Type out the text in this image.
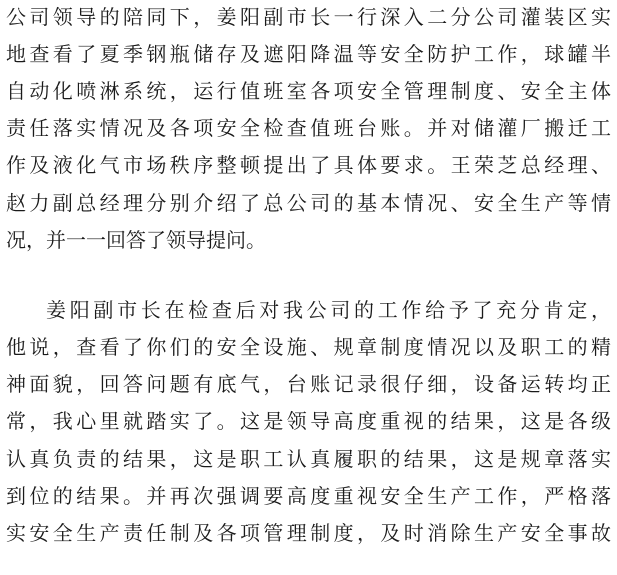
公司领导的陪同下，姜阳副市长一行深入二分公司灌装区实
地查看了夏季钢瓶储存及遮阳降温等安全防护工作，球罐半
自动化喷淋系统，运行值班室各项安全管理制度、安全主体
责任落实情况及各项安全检查值班台账。并对储灌厂搬迁工
作及液化气市场秩序整顿提出了具体要求。王荣芝总经理、
赵力副总经理分别介绍了总公司的基本情况、安全生产等情
况，并一一回答了领导提问。
姜阳副市长在检查后对我公司的工作给予了充分肯定，
他说，查看了你们的安全设施、规章制度情况以及职工的精
神面貌，回答问题有底气，台账记录很仔细，设备运转均正
常，我心里就踏实了。这是领导高度重视的结果，这是各级
认真负责的结果，这是职工认真履职的结果，这是规章落实
到位的结果。并再次强调要高度重视安全生产工作，严格落
实安全生产责任制及各项管理制度，及时消除生产安全事故
